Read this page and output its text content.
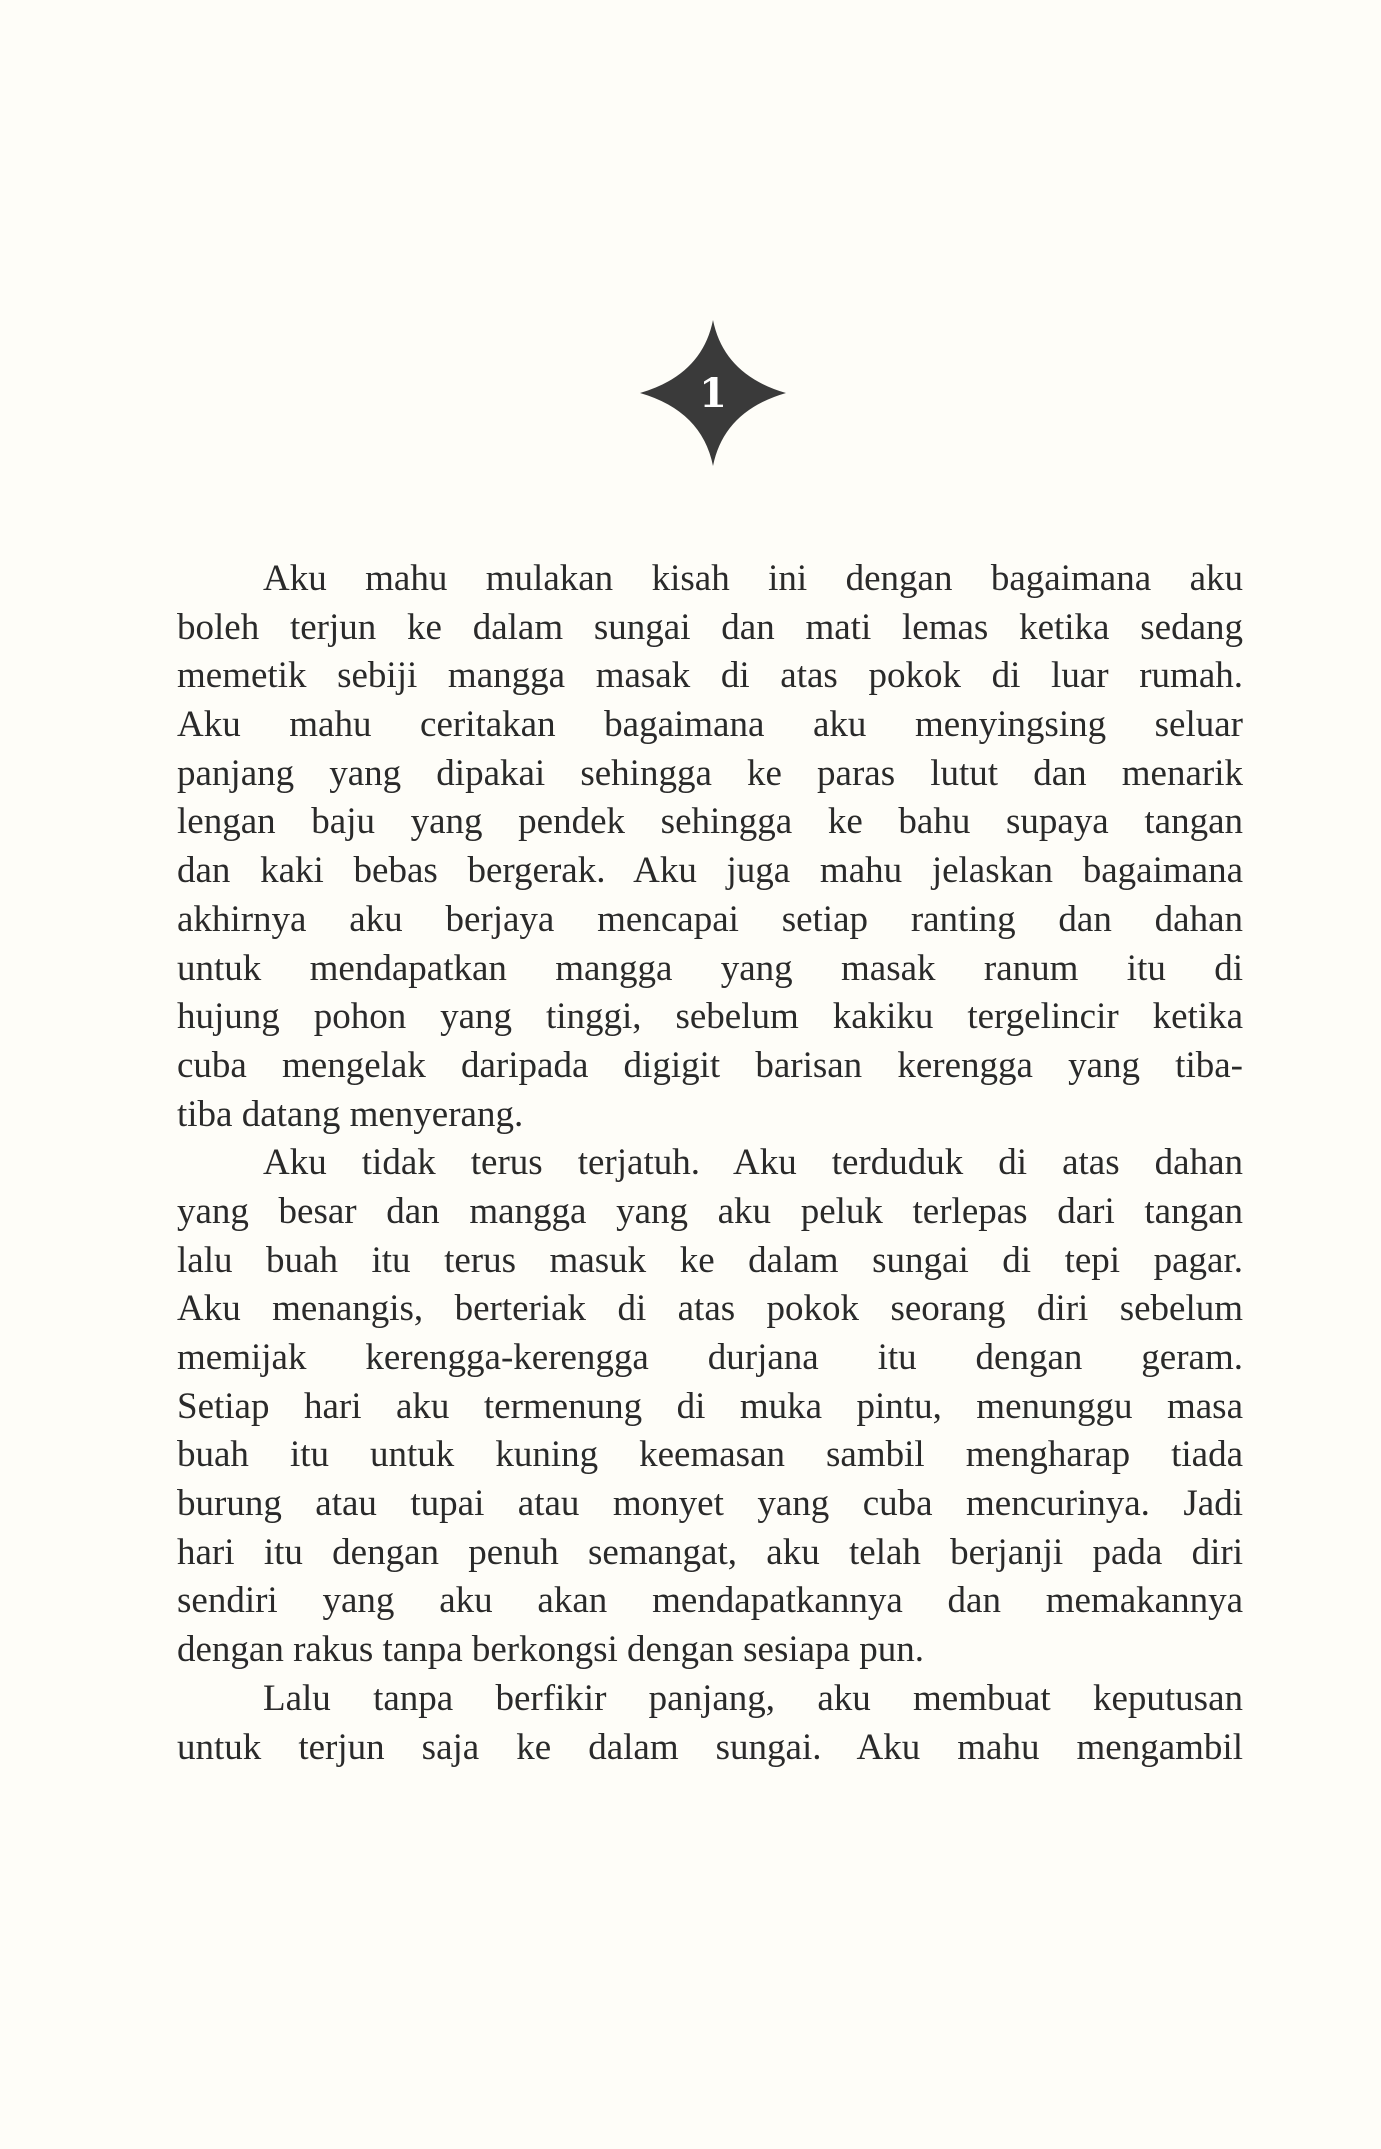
1
Aku mahu mulakan kisah ini dengan bagaimana aku
boleh terjun ke dalam sungai dan mati lemas ketika sedang
memetik sebiji mangga masak di atas pokok di luar rumah.
Aku mahu ceritakan bagaimana aku menyingsing seluar
panjang yang dipakai sehingga ke paras lutut dan menarik
lengan baju yang pendek sehingga ke bahu supaya tangan
dan kaki bebas bergerak. Aku juga mahu jelaskan bagaimana
akhirnya aku berjaya mencapai setiap ranting dan dahan
untuk mendapatkan mangga yang masak ranum itu di
hujung pohon yang tinggi, sebelum kakiku tergelincir ketika
cuba mengelak daripada digigit barisan kerengga yang tiba-
tiba datang menyerang.
Aku tidak terus terjatuh. Aku terduduk di atas dahan
yang besar dan mangga yang aku peluk terlepas dari tangan
lalu buah itu terus masuk ke dalam sungai di tepi pagar.
Aku menangis, berteriak di atas pokok seorang diri sebelum
memijak kerengga-kerengga durjana itu dengan geram.
Setiap hari aku termenung di muka pintu, menunggu masa
buah itu untuk kuning keemasan sambil mengharap tiada
burung atau tupai atau monyet yang cuba mencurinya. Jadi
hari itu dengan penuh semangat, aku telah berjanji pada diri
sendiri yang aku akan mendapatkannya dan memakannya
dengan rakus tanpa berkongsi dengan sesiapa pun.
Lalu tanpa berfikir panjang, aku membuat keputusan
untuk terjun saja ke dalam sungai. Aku mahu mengambil
